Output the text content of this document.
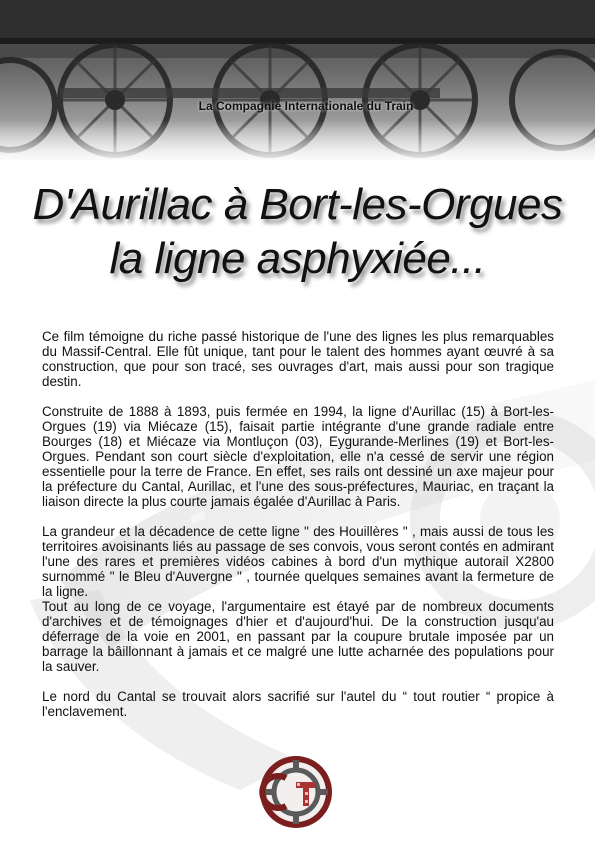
La Compagnie Internationale du Train
D'Aurillac à Bort-les-Orgues
la ligne asphyxiée...

Ce film témoigne du riche passé historique de l'une des lignes les plus remarquables du Massif-Central. Elle fût unique, tant pour le talent des hommes ayant œuvré à sa construction, que pour son tracé, ses ouvrages d'art, mais aussi pour son tragique destin.

Construite de 1888 à 1893, puis fermée en 1994, la ligne d'Aurillac (15) à Bort-les-Orgues (19) via Miécaze (15), faisait partie intégrante d'une grande radiale entre Bourges (18) et Miécaze via Montluçon (03), Eygurande-Merlines (19) et Bort-les-Orgues. Pendant son court siècle d'exploitation, elle n'a cessé de servir une région essentielle pour la terre de France. En effet, ses rails ont dessiné un axe majeur pour la préfecture du Cantal, Aurillac, et l'une des sous-préfectures, Mauriac, en traçant la liaison directe la plus courte jamais égalée d'Aurillac à Paris.

La grandeur et la décadence de cette ligne " des Houillères " , mais aussi de tous les territoires avoisinants liés au passage de ses convois, vous seront contés en admirant l'une des rares et premières vidéos cabines à bord d'un mythique autorail X2800 surnommé " le Bleu d'Auvergne " , tournée quelques semaines avant la fermeture de la ligne.

Tout au long de ce voyage, l'argumentaire est étayé par de nombreux documents d'archives et de témoignages d'hier et d'aujourd'hui. De la construction jusqu'au déferrage de la voie en 2001, en passant par la coupure brutale imposée par un barrage la bâillonnant à jamais et ce malgré une lutte acharnée des populations pour la sauver.

Le nord du Cantal se trouvait alors sacrifié sur l'autel du “ tout routier “ propice à l'enclavement.
